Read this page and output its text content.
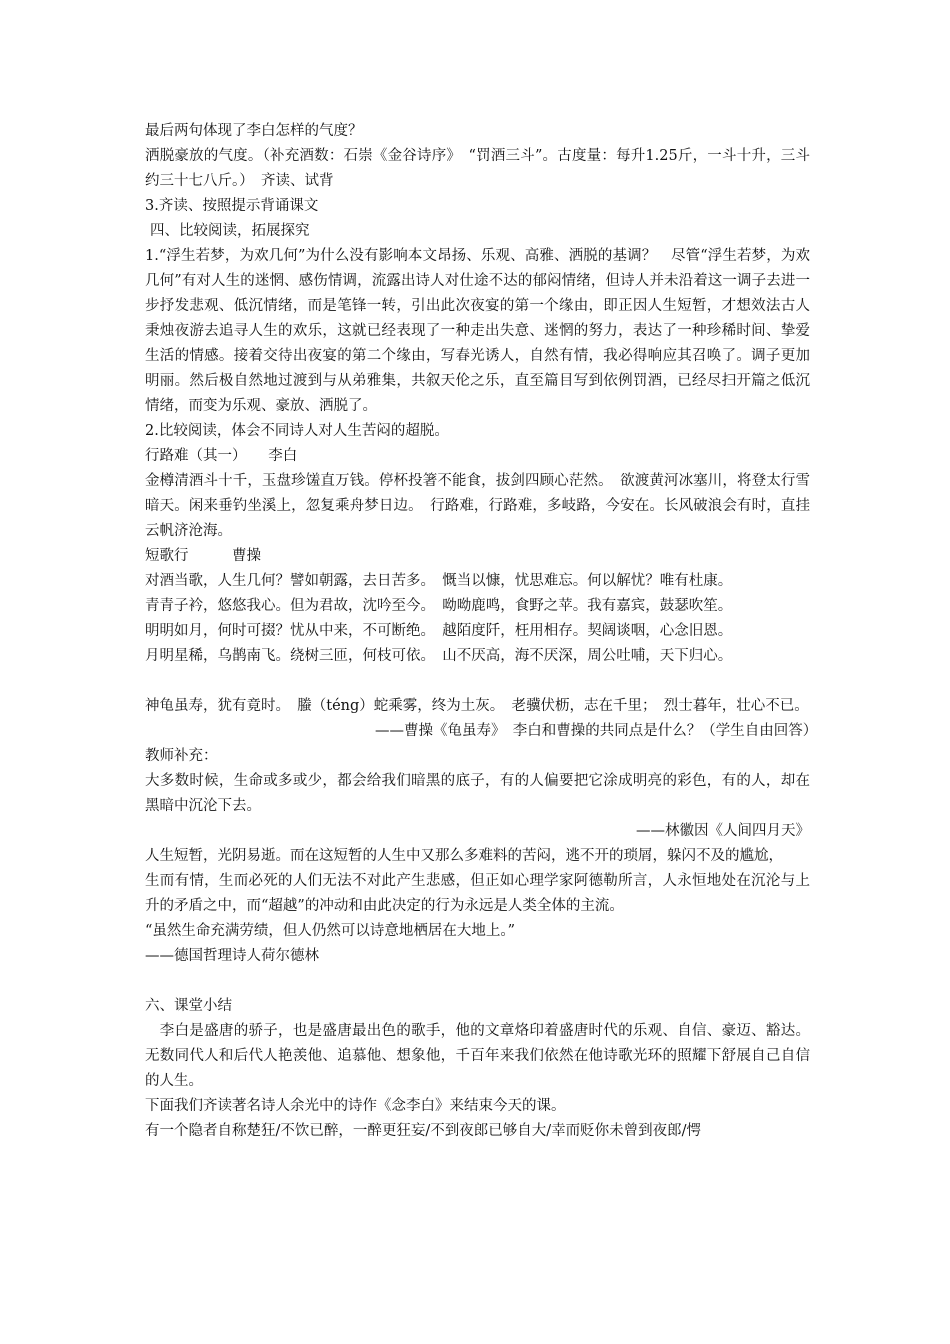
最后两句体现了李白怎样的气度？

洒脱豪放的气度。（补充酒数：石崇《金谷诗序》　“罚酒三斗”。古度量：每升1.25斤，一斗十升，三斗约三十七八斤。）　齐读、试背

3.齐读、按照提示背诵课文

四、比较阅读，拓展探究

1.“浮生若梦，为欢几何”为什么没有影响本文昂扬、乐观、高雅、洒脱的基调？　尽管“浮生若梦，为欢几何”有对人生的迷惘、感伤情调，流露出诗人对仕途不达的郁闷情绪，但诗人并未沿着这一调子去进一步抒发悲观、低沉情绪，而是笔锋一转，引出此次夜宴的第一个缘由，即正因人生短暂，才想效法古人秉烛夜游去追寻人生的欢乐，这就已经表现了一种走出失意、迷惘的努力，表达了一种珍稀时间、挚爱生活的情感。接着交待出夜宴的第二个缘由，写春光诱人，自然有情，我必得响应其召唤了。调子更加明丽。然后极自然地过渡到与从弟雅集，共叙天伦之乐，直至篇目写到依例罚酒，已经尽扫开篇之低沉情绪，而变为乐观、豪放、洒脱了。

2.比较阅读，体会不同诗人对人生苦闷的超脱。

行路难（其一）　　李白

金樽清酒斗十千，玉盘珍馐直万钱。停杯投箸不能食，拔剑四顾心茫然。　欲渡黄河冰塞川，将登太行雪暗天。闲来垂钓坐溪上，忽复乘舟梦日边。　行路难，行路难，多岐路，今安在。长风破浪会有时，直挂云帆济沧海。

短歌行　　　曹操

对酒当歌，人生几何？譬如朝露，去日苦多。　慨当以慷，忧思难忘。何以解忧？唯有杜康。

青青子衿，悠悠我心。但为君故，沈吟至今。　呦呦鹿鸣，食野之苹。我有嘉宾，鼓瑟吹笙。

明明如月，何时可掇？忧从中来，不可断绝。　越陌度阡，枉用相存。契阔谈咽，心念旧恩。

月明星稀，乌鹊南飞。绕树三匝，何枝可依。　山不厌高，海不厌深，周公吐哺，天下归心。

神龟虽寿，犹有竟时。　螣（téng）蛇乘雾，终为土灰。　老骥伏枥，志在千里；　烈士暮年，壮心不已。

——曹操《龟虽寿》　李白和曹操的共同点是什么？（学生自由回答）　教师补充：

大多数时候，生命或多或少，都会给我们暗黑的底子，有的人偏要把它涂成明亮的彩色，有的人，却在黑暗中沉沦下去。

——林徽因《人间四月天》

人生短暂，光阴易逝。而在这短暂的人生中又那么多难料的苦闷，逃不开的琐屑，躲闪不及的尴尬，

生而有情，生而必死的人们无法不对此产生悲感，但正如心理学家阿德勒所言，人永恒地处在沉沦与上升的矛盾之中，而“超越”的冲动和由此决定的行为永远是人类全体的主流。

“虽然生命充满劳绩，但人仍然可以诗意地栖居在大地上。”

——德国哲理诗人荷尔德林

六、课堂小结

　李白是盛唐的骄子，也是盛唐最出色的歌手，他的文章烙印着盛唐时代的乐观、自信、豪迈、豁达。无数同代人和后代人艳羡他、追慕他、想象他，千百年来我们依然在他诗歌光环的照耀下舒展自己自信的人生。

下面我们齐读著名诗人余光中的诗作《念李白》来结束今天的课。

有一个隐者自称楚狂/不饮已醉，一醉更狂妄/不到夜郎已够自大/幸而贬你未曾到夜郎/愕
